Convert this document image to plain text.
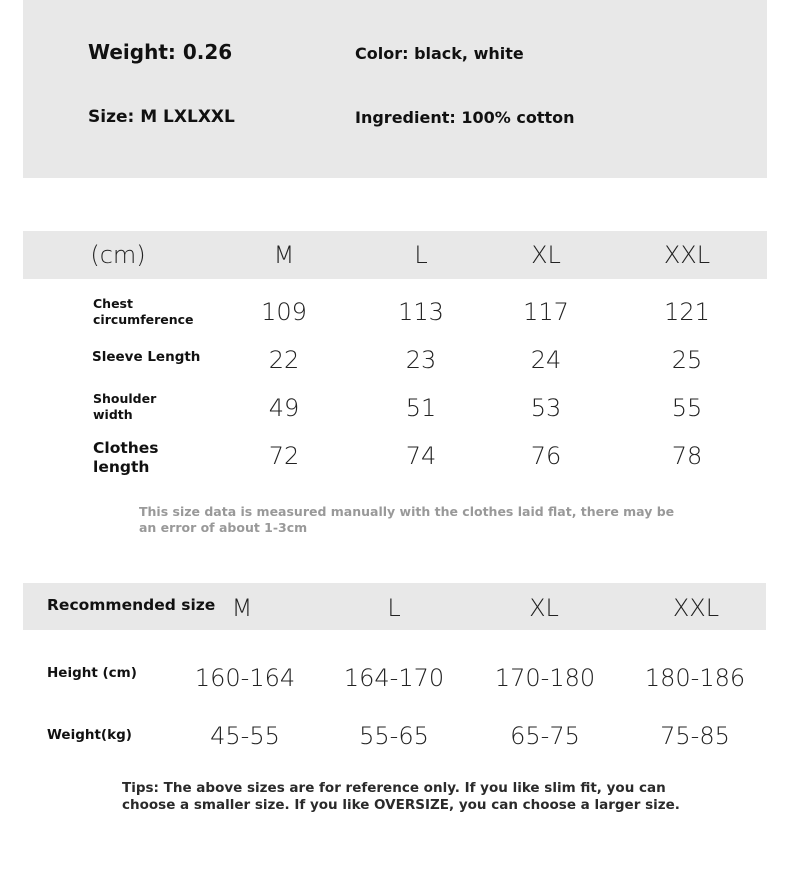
Weight: 0.26	Color: black, white
Size: M LXLXXL	Ingredient: 100% cotton
(cm)	M	L	XL	XXL
Chest
circumference	109	113	117	121
Sleeve Length	22	23	24	25
Shoulder
width	49	51	53	55
Clothes
length	72	74	76	78
This size data is measured manually with the clothes laid flat, there may be an error of about 1-3cm
Recommended size M	L	XL	XXL
Height (cm) 160-164 164-170 170-180 180-186
Weight(kg)	45-55	55-65	65-75	75-85
Tips: The above sizes are for reference only. If you like slim fit, you can choose a smaller size. If you like OVERSIZE, you can choose a larger size.
